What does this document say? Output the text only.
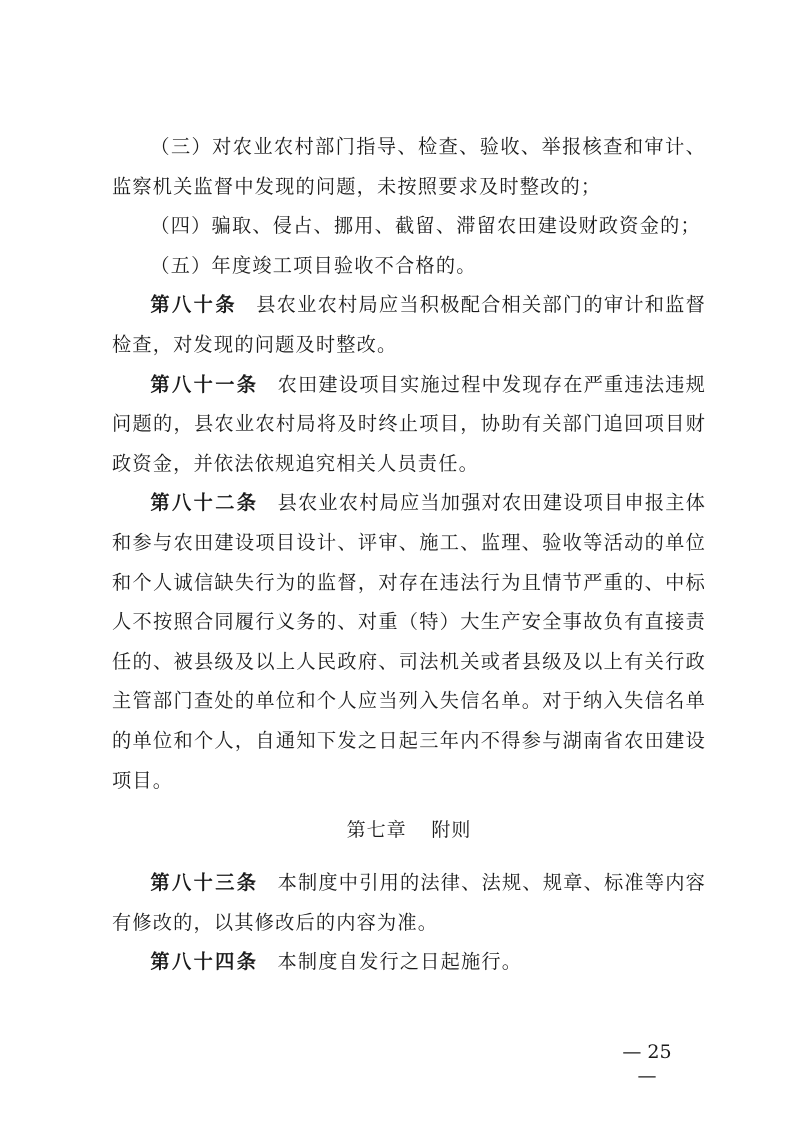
（三）对农业农村部门指导、检查、验收、举报核查和审计、监察机关监督中发现的问题，未按照要求及时整改的；

（四）骗取、侵占、挪用、截留、滞留农田建设财政资金的；

（五）年度竣工项目验收不合格的。

第八十条 县农业农村局应当积极配合相关部门的审计和监督检查，对发现的问题及时整改。

第八十一条 农田建设项目实施过程中发现存在严重违法违规问题的，县农业农村局将及时终止项目，协助有关部门追回项目财政资金，并依法依规追究相关人员责任。

第八十二条 县农业农村局应当加强对农田建设项目申报主体和参与农田建设项目设计、评审、施工、监理、验收等活动的单位和个人诚信缺失行为的监督，对存在违法行为且情节严重的、中标人不按照合同履行义务的、对重（特）大生产安全事故负有直接责任的、被县级及以上人民政府、司法机关或者县级及以上有关行政主管部门查处的单位和个人应当列入失信名单。对于纳入失信名单的单位和个人，自通知下发之日起三年内不得参与湖南省农田建设项目。

第七章 附则

第八十三条 本制度中引用的法律、法规、规章、标准等内容有修改的，以其修改后的内容为准。

第八十四条 本制度自发行之日起施行。

— 25 —
